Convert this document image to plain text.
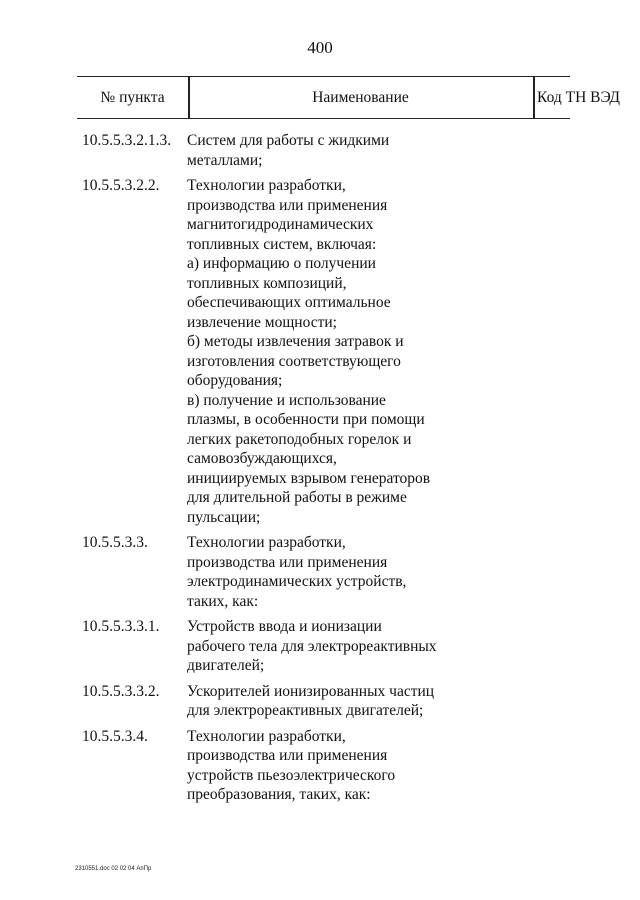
400
№ пункта	Наименование	Код ТН ВЭД
10.5.5.3.2.1.3. Систем для работы с жидкими
металлами;
10.5.5.3.2.2. Технологии разработки,
производства или применения
магнитогидродинамических
топливных систем, включая:
а) информацию о получении
топливных композиций,
обеспечивающих оптимальное
извлечение мощности;
б) методы извлечения затравок и
изготовления соответствующего
оборудования;
в) получение и использование
плазмы, в особенности при помощи
легких ракетоподобных горелок и
самовозбуждающихся,
инициируемых взрывом генераторов
для длительной работы в режиме
пульсации;
10.5.5.3.3.	Технологии разработки,
производства или применения
электродинамических устройств,
таких, как:
10.5.5.3.3.1. Устройств ввода и ионизации
рабочего тела для электрореактивных
двигателей;
10.5.5.3.3.2. Ускорителей ионизированных частиц
для электрореактивных двигателей;
10.5.5.3.4.	Технологии разработки,
производства или применения
устройств пьезоэлектрического
преобразования, таких, как:
2310551.doc 02 02 04 АпПр
